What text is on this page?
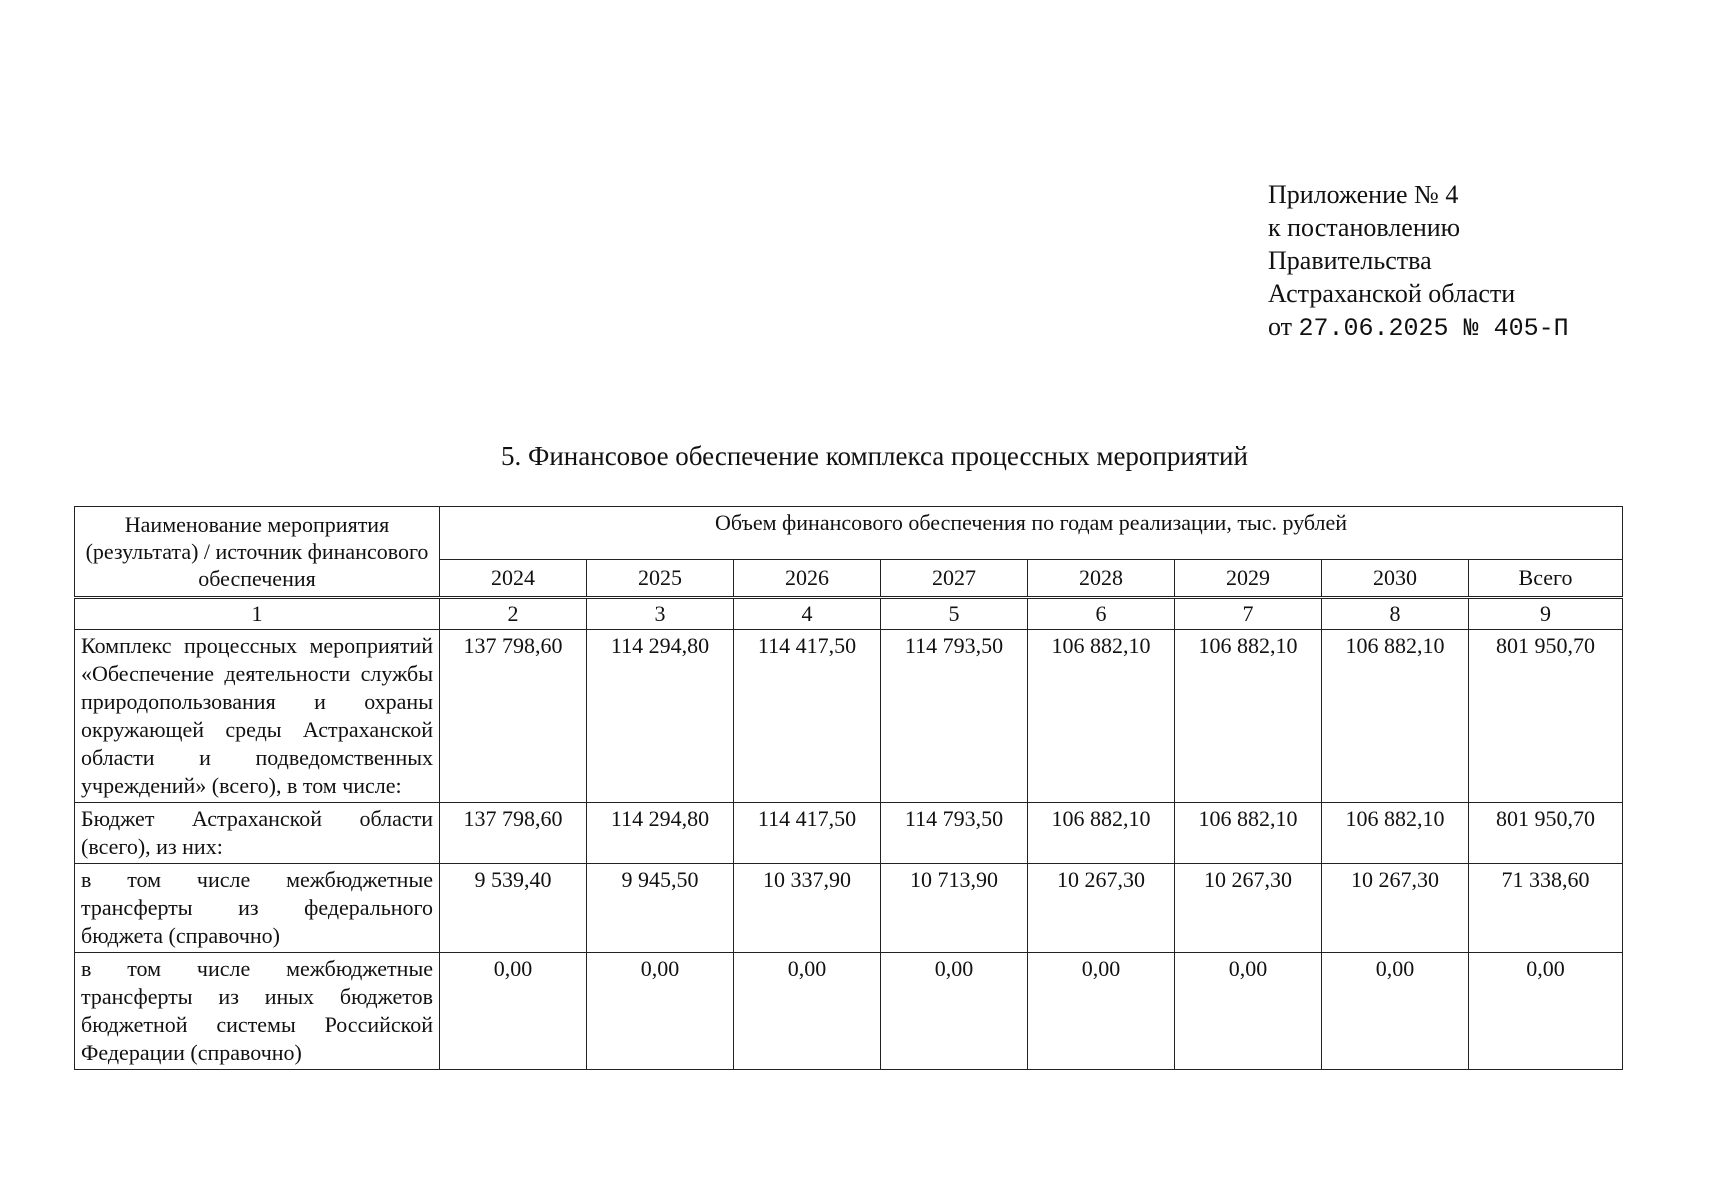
Приложение № 4
к постановлению
Правительства
Астраханской области
от 27.06.2025 № 405-П
5. Финансовое обеспечение комплекса процессных мероприятий
Наименование мероприятия (результата) / источник финансового обеспечения	Объем финансового обеспечения по годам реализации, тыс. рублей							
	2024	2025	2026	2027	2028	2029	2030	Всего
1	2	3	4	5	6	7	8	9
Комплекс процессных мероприятий «Обеспечение деятельности службы природопользования и охраны окружающей среды Астраханской области и подведомственных учреждений» (всего), в том числе:	137 798,60	114 294,80	114 417,50	114 793,50	106 882,10	106 882,10	106 882,10	801 950,70
Бюджет Астраханской области (всего), из них:	137 798,60	114 294,80	114 417,50	114 793,50	106 882,10	106 882,10	106 882,10	801 950,70
в том числе межбюджетные трансферты из федерального бюджета (справочно)	9 539,40	9 945,50	10 337,90	10 713,90	10 267,30	10 267,30	10 267,30	71 338,60
в том числе межбюджетные трансферты из иных бюджетов бюджетной системы Российской Федерации (справочно)	0,00	0,00	0,00	0,00	0,00	0,00	0,00	0,00
